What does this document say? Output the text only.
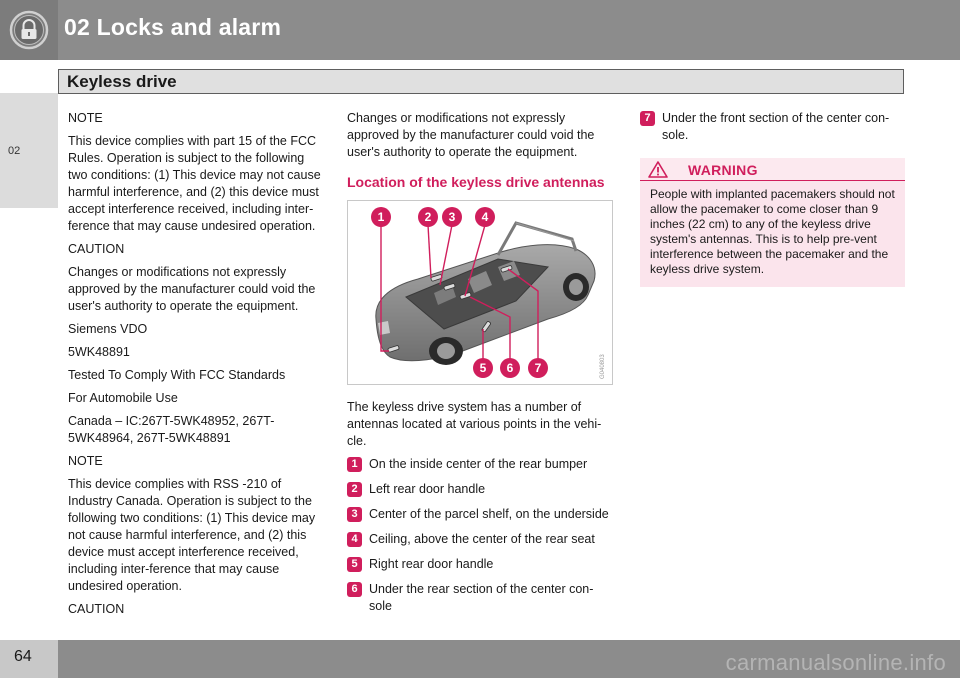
02 Locks and alarm
Keyless drive
02

NOTE

This device complies with part 15 of the FCC Rules. Operation is subject to the following two conditions: (1) This device may not cause harmful interference, and (2) this device must accept interference received, including inter-ference that may cause undesired operation.

CAUTION

Changes or modifications not expressly approved by the manufacturer could void the user's authority to operate the equipment.

Siemens VDO

5WK48891

Tested To Comply With FCC Standards

For Automobile Use

Canada – IC:267T-5WK48952, 267T-5WK48964, 267T-5WK48891

NOTE

This device complies with RSS -210 of Industry Canada. Operation is subject to the following two conditions: (1) This device may not cause harmful interference, and (2) this device must accept interference received, including inter-ference that may cause undesired operation.

CAUTION

Changes or modifications not expressly approved by the manufacturer could void the user's authority to operate the equipment.

Location of the keyless drive antennas
1	2 3 4
5 6 7	G040803

The keyless drive system has a number of antennas located at various points in the vehi-cle.

1 On the inside center of the rear bumper
2 Left rear door handle
3 Center of the parcel shelf, on the underside
4 Ceiling, above the center of the rear seat
5 Right rear door handle
6 Under the rear section of the center con-sole
7 Under the front section of the center con-sole.
WARNING
People with implanted pacemakers should not allow the pacemaker to come closer than 9 inches (22 cm) to any of the keyless drive system's antennas. This is to help pre-vent interference between the pacemaker and the keyless drive system.
64	carmanualsonline.info
